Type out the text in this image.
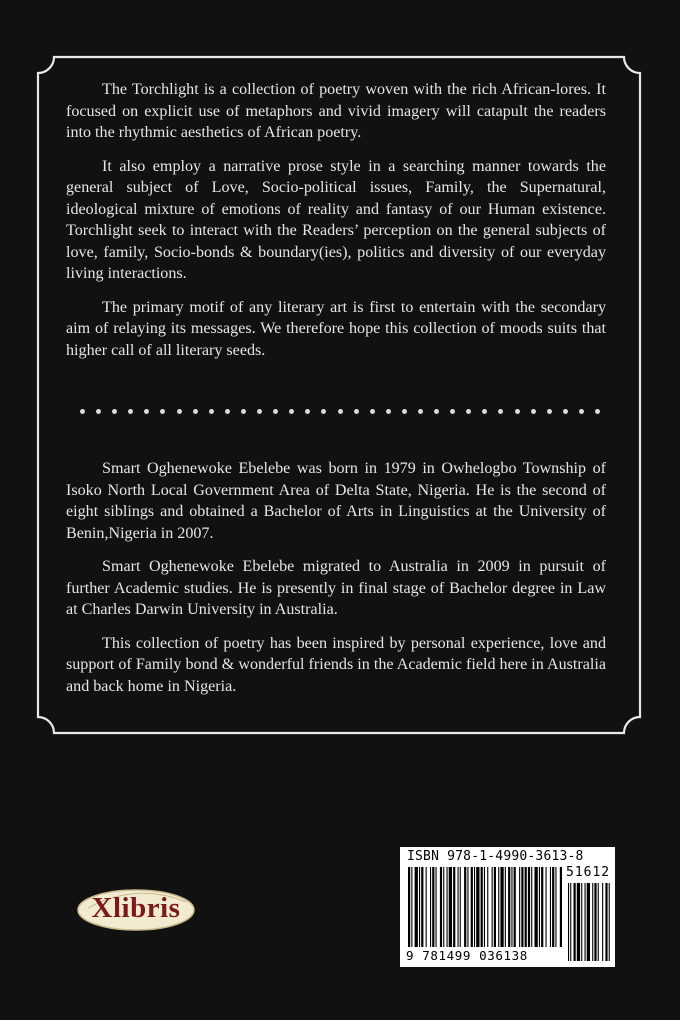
The Torchlight is a collection of poetry woven with the rich African-lores. It focused on explicit use of metaphors and vivid imagery will catapult the readers into the rhythmic aesthetics of African poetry.

It also employ a narrative prose style in a searching manner towards the general subject of Love, Socio-political issues, Family, the Supernatural, ideological mixture of emotions of reality and fantasy of our Human existence. Torchlight seek to interact with the Readers’ perception on the general subjects of love, family, Socio-bonds & boundary(ies), politics and diversity of our everyday living interactions.

The primary motif of any literary art is first to entertain with the secondary aim of relaying its messages. We therefore hope this collection of moods suits that higher call of all literary seeds.

Smart Oghenewoke Ebelebe was born in 1979 in Owhelogbo Township of Isoko North Local Government Area of Delta State, Nigeria. He is the second of eight siblings and obtained a Bachelor of Arts in Linguistics at the University of Benin,Nigeria in 2007.

Smart Oghenewoke Ebelebe migrated to Australia in 2009 in pursuit of further Academic studies. He is presently in final stage of Bachelor degree in Law at Charles Darwin University in Australia.

This collection of poetry has been inspired by personal experience, love and support of Family bond & wonderful friends in the Academic field here in Australia and back home in Nigeria.

Xlibris
ISBN 978-1-4990-3613-8
51612
9 781499 036138
